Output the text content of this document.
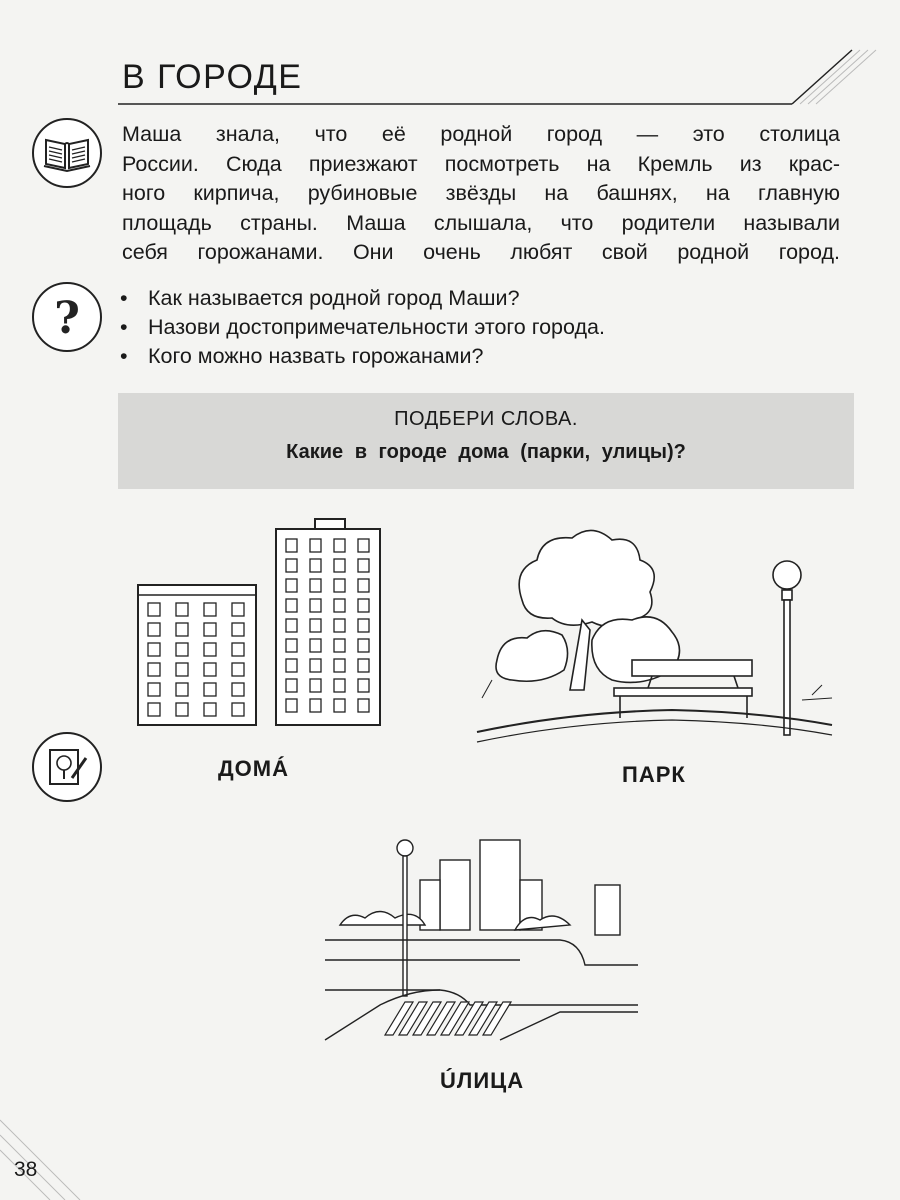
В ГОРОДЕ

Маша знала, что её родной город — это столица

России. Сюда приезжают посмотреть на Кремль из крас-

ного кирпича, рубиновые звёзды на башнях, на главную

площадь страны. Маша слышала, что родители называли

себя горожанами. Они очень любят свой родной город.

?
•	Как называется родной город Маши?
• Назови достопримечательности этого города.
• Кого можно назвать горожанами?
ПОДБЕРИ СЛОВА.
Какие в городе дома (парки, улицы)?
ДОМÁ	ПАРК
ÚЛИЦА
38
